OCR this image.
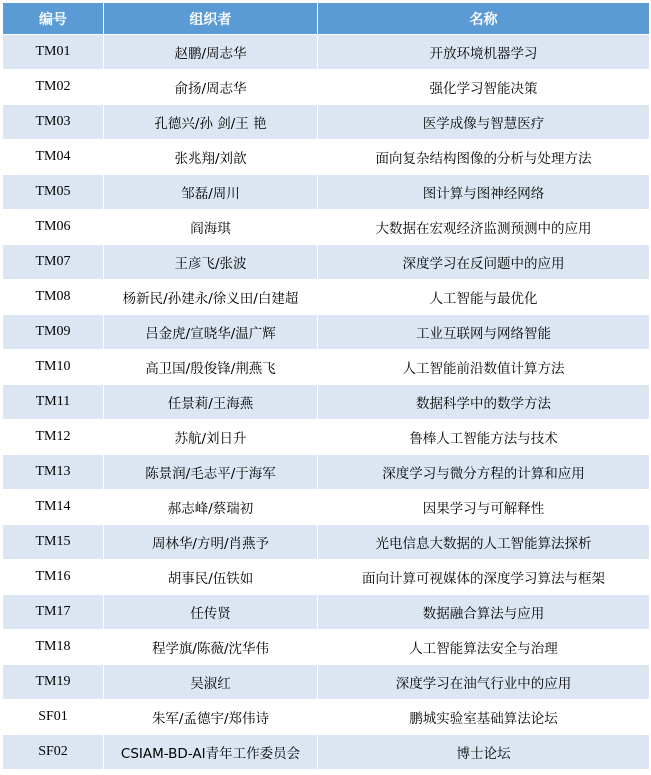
编号	组织者	名称
TM01	赵鹏/周志华	开放环境机器学习
TM02	俞扬/周志华	强化学习智能决策
TM03	孔德兴/孙 剑/王 艳	医学成像与智慧医疗
TM04	张兆翔/刘歆	面向复杂结构图像的分析与处理方法
TM05	邹磊/周川	图计算与图神经网络
TM06	阎海琪	大数据在宏观经济监测预测中的应用
TM07	王彦飞/张波	深度学习在反问题中的应用
TM08	杨新民/孙建永/徐义田/白建超	人工智能与最优化
TM09	吕金虎/宣晓华/温广辉	工业互联网与网络智能
TM10	高卫国/殷俊锋/荆燕飞	人工智能前沿数值计算方法
TM11	任景莉/王海燕	数据科学中的数学方法
TM12	苏航/刘日升	鲁棒人工智能方法与技术
TM13	陈景润/毛志平/于海军	深度学习与微分方程的计算和应用
TM14	郝志峰/蔡瑞初	因果学习与可解释性
TM15	周林华/方明/肖燕予	光电信息大数据的人工智能算法探析
TM16	胡事民/伍铁如	面向计算可视媒体的深度学习算法与框架
TM17	任传贤	数据融合算法与应用
TM18	程学旗/陈薇/沈华伟	人工智能算法安全与治理
TM19	吴淑红	深度学习在油气行业中的应用
SF01	朱军/孟德宇/郑伟诗	鹏城实验室基础算法论坛
SF02	CSIAM-BD-AI青年工作委员会	博士论坛
